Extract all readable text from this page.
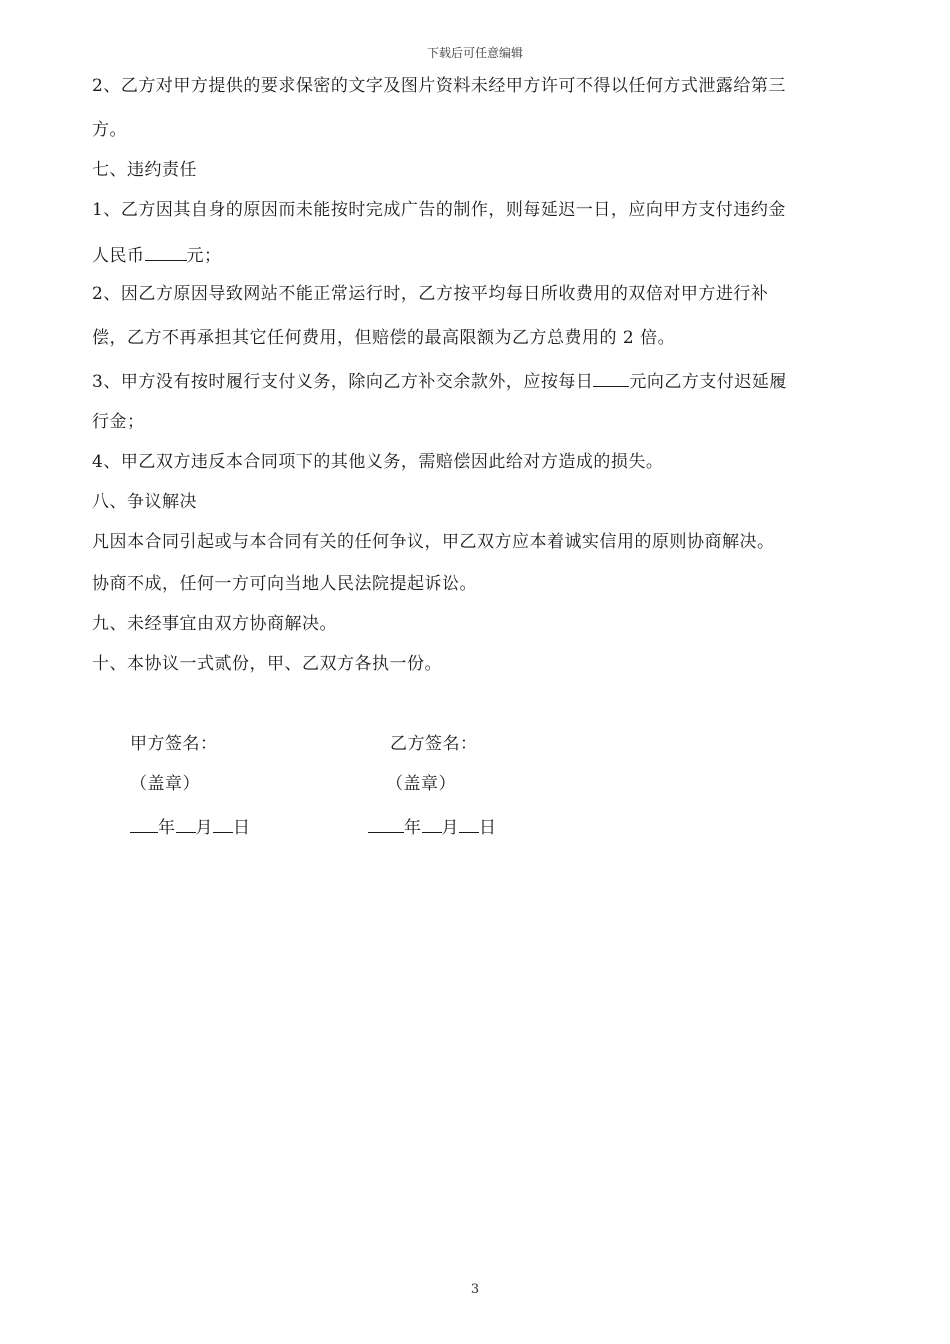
下载后可任意编辑
2、乙方对甲方提供的要求保密的文字及图片资料未经甲方许可不得以任何方式泄露给第三
方。
七、违约责任
1、乙方因其自身的原因而未能按时完成广告的制作，则每延迟一日，应向甲方支付违约金
人民币 元；
2、因乙方原因导致网站不能正常运行时，乙方按平均每日所收费用的双倍对甲方进行补
偿，乙方不再承担其它任何费用，但赔偿的最高限额为乙方总费用的 2 倍。
3、甲方没有按时履行支付义务，除向乙方补交余款外，应按每日 元向乙方支付迟延履
行金；
4、甲乙双方违反本合同项下的其他义务，需赔偿因此给对方造成的损失。
八、争议解决
凡因本合同引起或与本合同有关的任何争议，甲乙双方应本着诚实信用的原则协商解决。
协商不成，任何一方可向当地人民法院提起诉讼。
九、未经事宜由双方协商解决。
十、本协议一式贰份，甲、乙双方各执一份。
甲方签名：
（盖章）
年 月 日
乙方签名：
（盖章）
年 月 日
3
